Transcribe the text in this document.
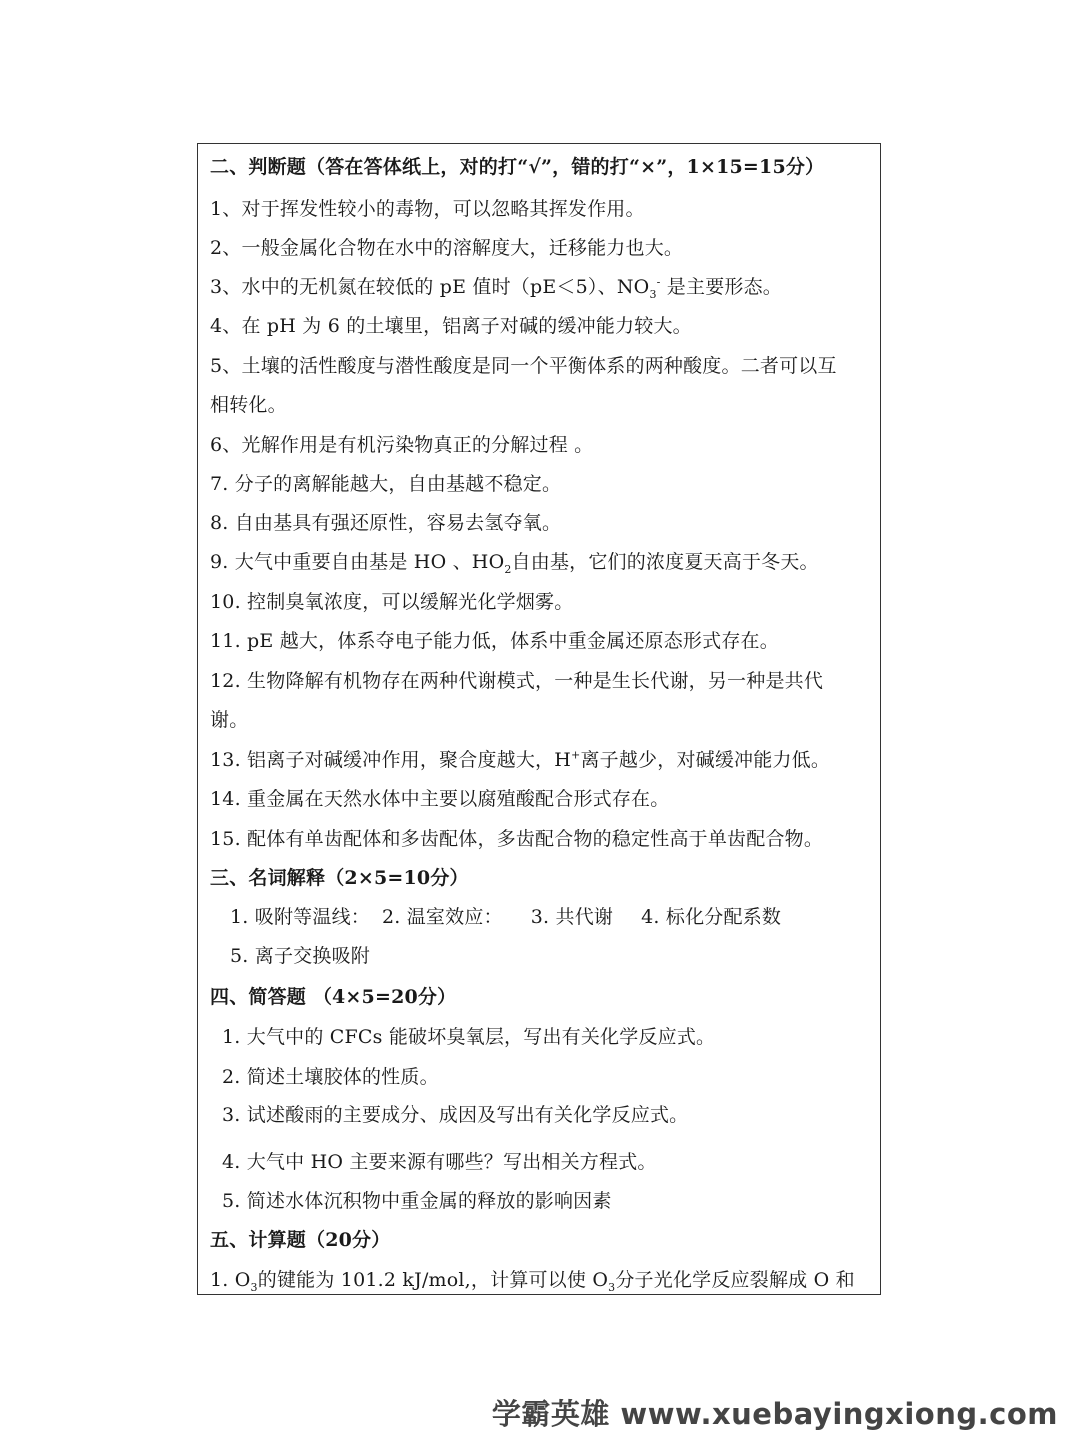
二、判断题（答在答体纸上，对的打“√”，错的打“×”，1×15=15分）
1、对于挥发性较小的毒物，可以忽略其挥发作用。
2、一般金属化合物在水中的溶解度大，迁移能力也大。
3、水中的无机氮在较低的 pE 值时（pE＜5）、$NO_3^-$ 是主要形态。
4、在 pH 为 6 的土壤里，铝离子对碱的缓冲能力较大。
5、土壤的活性酸度与潜性酸度是同一个平衡体系的两种酸度。二者可以互
相转化。
6、光解作用是有机污染物真正的分解过程 。
7. 分子的离解能越大，自由基越不稳定。
8. 自由基具有强还原性，容易去氢夺氧。
9. 大气中重要自由基是 HO 、$HO_2$自由基，它们的浓度夏天高于冬天。
10. 控制臭氧浓度，可以缓解光化学烟雾。
11. pE 越大，体系夺电子能力低，体系中重金属还原态形式存在。
12. 生物降解有机物存在两种代谢模式，一种是生长代谢，另一种是共代
谢。
13. 铝离子对碱缓冲作用，聚合度越大，H+离子越少，对碱缓冲能力低。
14. 重金属在天然水体中主要以腐殖酸配合形式存在。
15. 配体有单齿配体和多齿配体，多齿配合物的稳定性高于单齿配合物。
三、名词解释（2×5=10分）
1. 吸附等温线： 2. 温室效应： 3. 共代谢 4. 标化分配系数
5. 离子交换吸附
四、简答题 （4×5=20分）
1. 大气中的 CFCs 能破坏臭氧层，写出有关化学反应式。
2. 简述土壤胶体的性质。
3. 试述酸雨的主要成分、成因及写出有关化学反应式。
4. 大气中 HO 主要来源有哪些？写出相关方程式。
5. 简述水体沉积物中重金属的释放的影响因素
五、计算题（20分）
1. $O_3$的键能为 101.2 kJ/mol,，计算可以使 $O_3$分子光化学反应裂解成 O 和
学霸英雄 www.xuebayingxiong.com
